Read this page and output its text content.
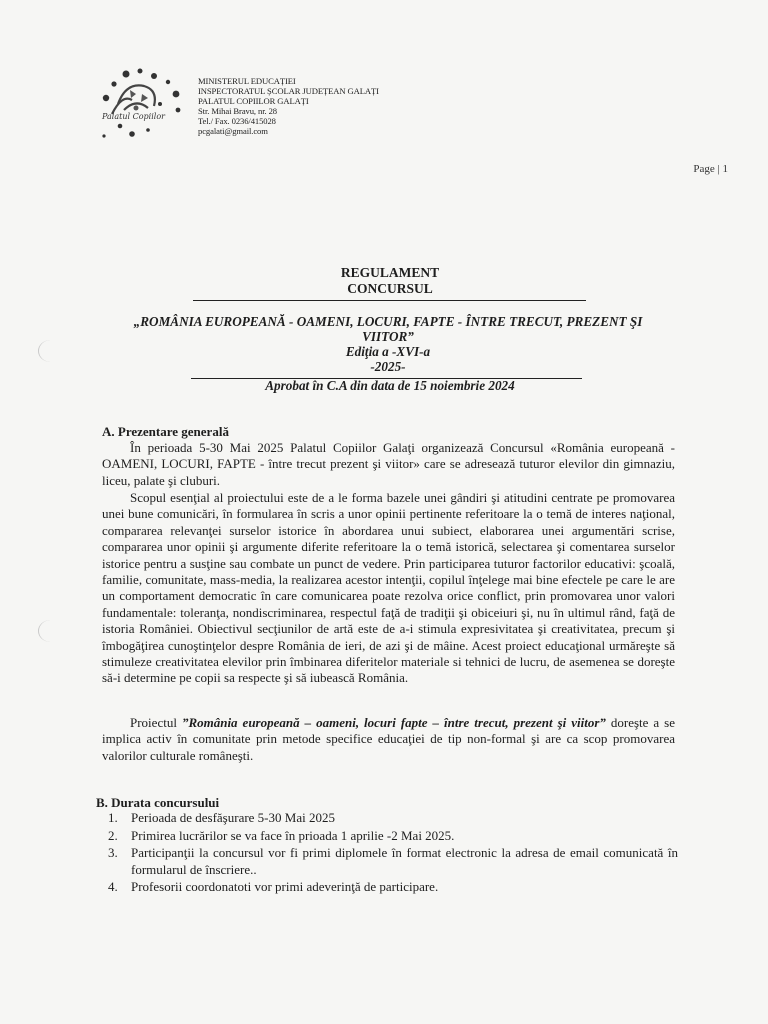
Palatul Copiilor
MINISTERUL EDUCAȚIEI
INSPECTORATUL ȘCOLAR JUDEȚEAN GALAȚI
PALATUL COPIILOR GALAȚI
Str. Mihai Bravu, nr. 28
Tel./ Fax. 0236/415028
pcgalati@gmail.com
Page | 1
REGULAMENT
CONCURSUL
„ROMÂNIA EUROPEANĂ - OAMENI, LOCURI, FAPTE - ÎNTRE TRECUT, PREZENT ŞI
VIITOR”
Ediţia a -XVI-a
-2025-
Aprobat în C.A din data de 15 noiembrie 2024
A. Prezentare generală

În perioada 5-30 Mai 2025 Palatul Copiilor Galaţi organizează Concursul «România europeană - OAMENI, LOCURI, FAPTE - între trecut prezent şi viitor» care se adresează tuturor elevilor din gimnaziu, liceu, palate şi cluburi.

Scopul esenţial al proiectului este de a le forma bazele unei gândiri şi atitudini centrate pe promovarea unei bune comunicări, în formularea în scris a unor opinii pertinente referitoare la o temă de interes naţional, compararea relevanţei surselor istorice în abordarea unui subiect, elaborarea unei argumentări scrise, compararea unor opinii şi argumente diferite referitoare la o temă istorică, selectarea şi comentarea surselor istorice pentru a susţine sau combate un punct de vedere. Prin participarea tuturor factorilor educativi: şcoală, familie, comunitate, mass-media, la realizarea acestor intenţii, copilul înţelege mai bine efectele pe care le are un comportament democratic în care comunicarea poate rezolva orice conflict, prin promovarea unor valori fundamentale: toleranţa, nondiscriminarea, respectul faţă de tradiţii şi obiceiuri şi, nu în ultimul rând, faţă de istoria României. Obiectivul secţiunilor de artă este de a-i stimula expresivitatea şi creativitatea, precum şi îmbogăţirea cunoştinţelor despre România de ieri, de azi şi de mâine. Acest proiect educaţional urmăreşte să stimuleze creativitatea elevilor prin îmbinarea diferitelor materiale si tehnici de lucru, de asemenea se doreşte să-i determine pe copii sa respecte şi să iubească România.

Proiectul ”România europeană – oameni, locuri fapte – între trecut, prezent şi viitor” doreşte a se implica activ în comunitate prin metode specifice educaţiei de tip non-formal şi are ca scop promovarea valorilor culturale româneşti.

B. Durata concursului
1.	Perioada de desfăşurare 5-30 Mai 2025
2.	Primirea lucrărilor se va face în prioada 1 aprilie -2 Mai 2025.
3.	Participanţii la concursul vor fi primi diplomele în format electronic la adresa de email comunicată în formularul de înscriere..
4.	Profesorii coordonatoti vor primi adeverinţă de participare.
